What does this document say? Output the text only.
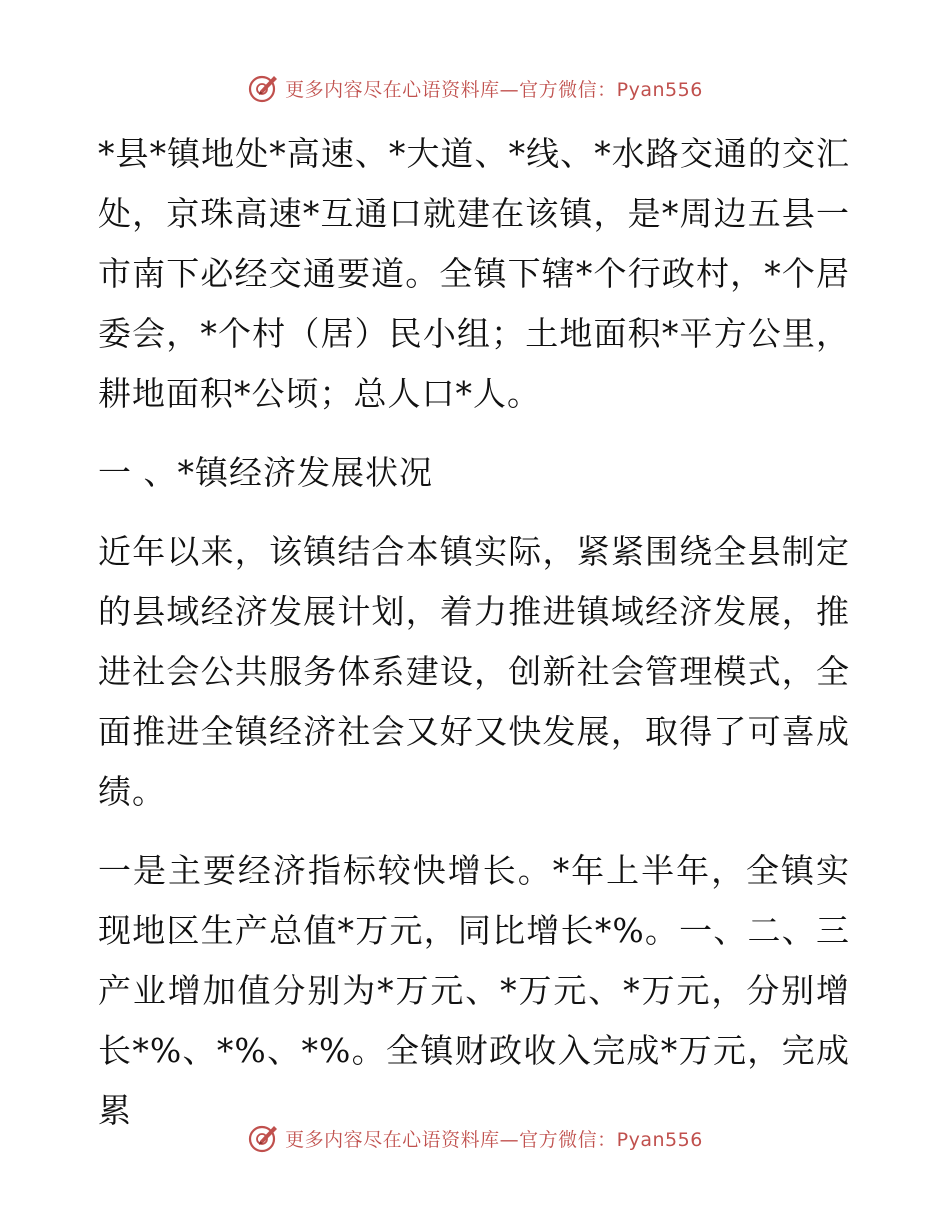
更多内容尽在心语资料库—官方微信：Pyan556

*县*镇地处*高速、*大道、*线、*水路交通的交汇处，京珠高速*互通口就建在该镇，是*周边五县一市南下必经交通要道。全镇下辖*个行政村，*个居委会，*个村（居）民小组；土地面积*平方公里，耕地面积*公顷；总人口*人。

一 、*镇经济发展状况

近年以来，该镇结合本镇实际，紧紧围绕全县制定的县域经济发展计划，着力推进镇域经济发展，推进社会公共服务体系建设，创新社会管理模式，全面推进全镇经济社会又好又快发展，取得了可喜成绩。

一是主要经济指标较快增长。*年上半年，全镇实现地区生产总值*万元，同比增长*%。一、二、三产业增加值分别为*万元、*万元、*万元，分别增长*%、*%、*%。全镇财政收入完成*万元，完成累

更多内容尽在心语资料库—官方微信：Pyan556
